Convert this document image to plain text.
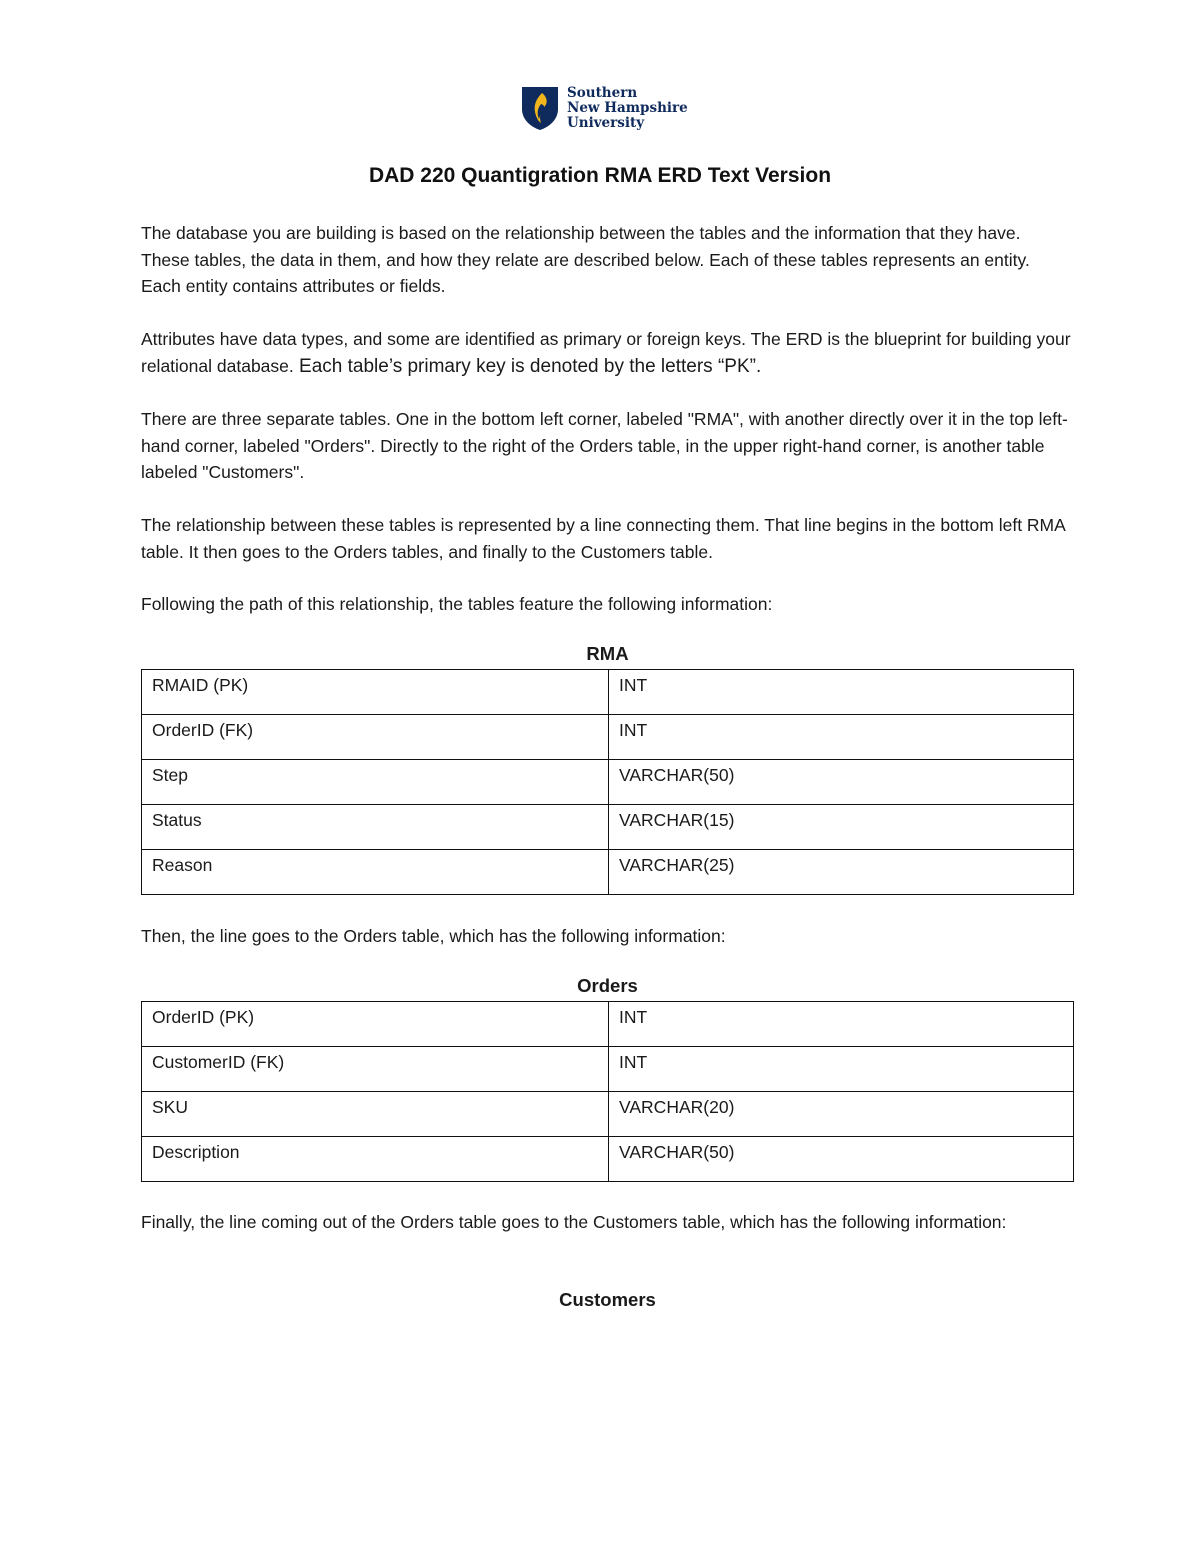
Southern
New Hampshire
University
DAD 220 Quantigration RMA ERD Text Version

The database you are building is based on the relationship between the tables and the information that they have. These tables, the data in them, and how they relate are described below. Each of these tables represents an entity. Each entity contains attributes or fields.

Attributes have data types, and some are identified as primary or foreign keys. The ERD is the blueprint for building your relational database. Each table’s primary key is denoted by the letters “PK”.

There are three separate tables. One in the bottom left corner, labeled "RMA", with another directly over it in the top left-hand corner, labeled "Orders". Directly to the right of the Orders table, in the upper right-hand corner, is another table labeled "Customers".

The relationship between these tables is represented by a line connecting them. That line begins in the bottom left RMA table. It then goes to the Orders tables, and finally to the Customers table.

Following the path of this relationship, the tables feature the following information:

RMA
RMAID (PK)	INT
OrderID (FK)	INT
Step	VARCHAR(50)
Status	VARCHAR(15)
Reason	VARCHAR(25)

Then, the line goes to the Orders table, which has the following information:

Orders
OrderID (PK)	INT
CustomerID (FK)	INT
SKU	VARCHAR(20)
Description	VARCHAR(50)

Finally, the line coming out of the Orders table goes to the Customers table, which has the following information:

Customers
